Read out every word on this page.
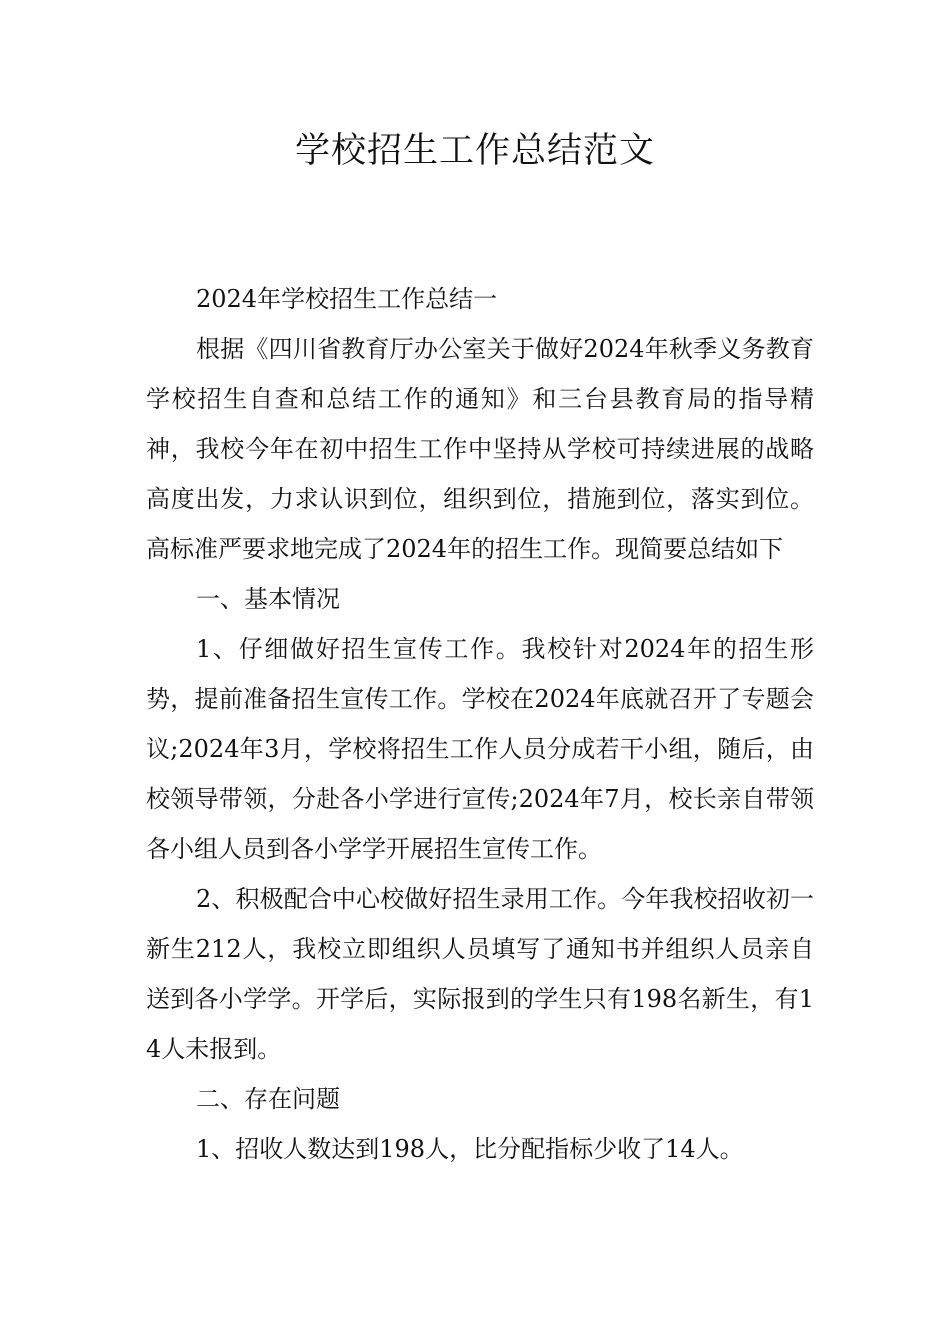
学校招生工作总结范文

2024年学校招生工作总结一

根据《四川省教育厅办公室关于做好2024年秋季义务教育学校招生自查和总结工作的通知》和三台县教育局的指导精神，我校今年在初中招生工作中坚持从学校可持续进展的战略高度出发，力求认识到位，组织到位，措施到位，落实到位。高标准严要求地完成了2024年的招生工作。现简要总结如下

一、基本情况

1、仔细做好招生宣传工作。我校针对2024年的招生形势，提前准备招生宣传工作。学校在2024年底就召开了专题会议;2024年3月，学校将招生工作人员分成若干小组，随后，由校领导带领，分赴各小学进行宣传;2024年7月，校长亲自带领各小组人员到各小学学开展招生宣传工作。

2、积极配合中心校做好招生录用工作。今年我校招收初一新生212人，我校立即组织人员填写了通知书并组织人员亲自送到各小学学。开学后，实际报到的学生只有198名新生，有14人未报到。

二、存在问题

1、招收人数达到198人，比分配指标少收了14人。
